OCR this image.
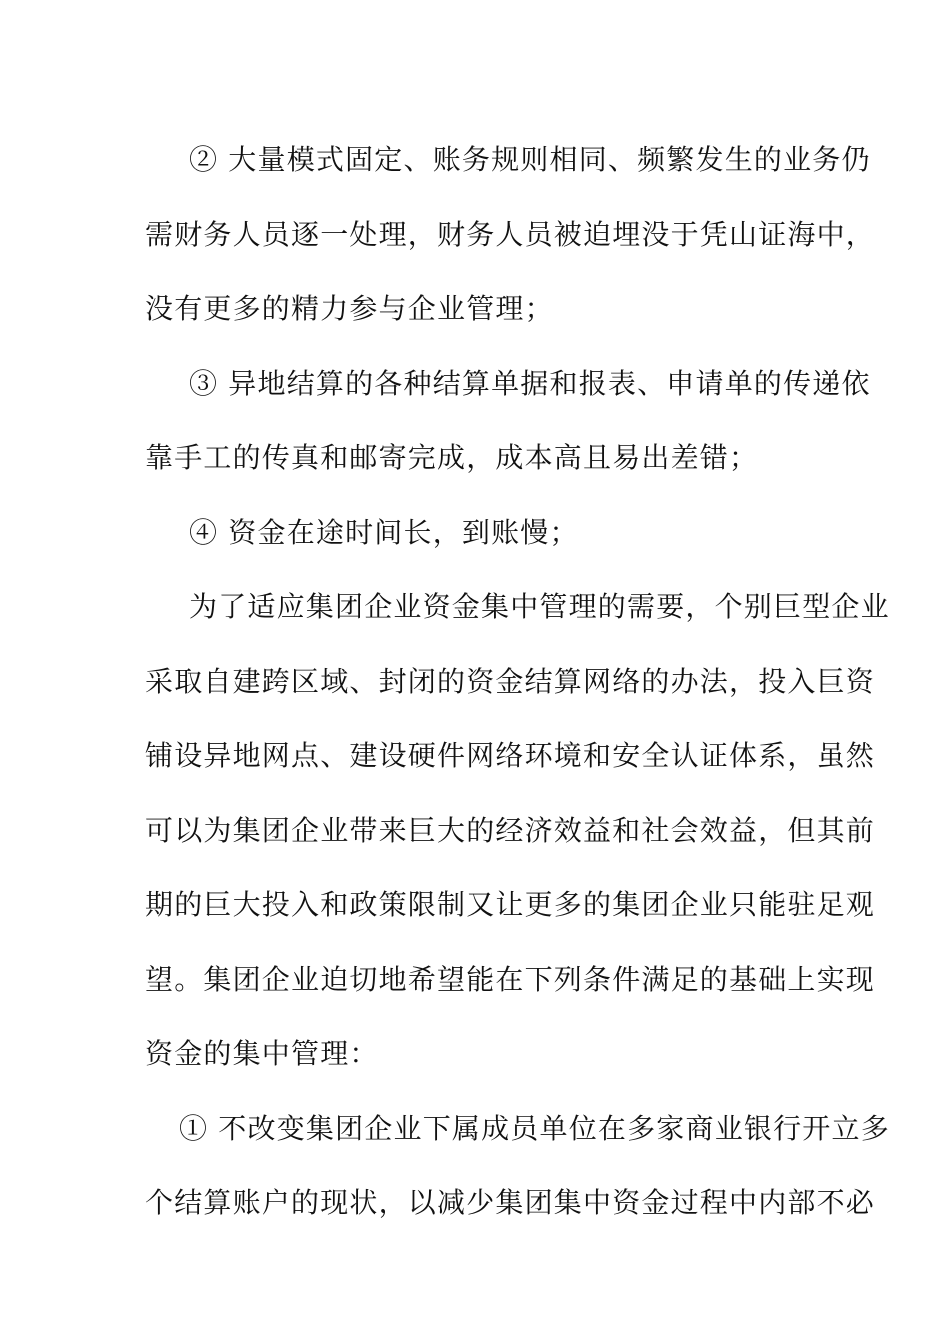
② 大量模式固定、账务规则相同、频繁发生的业务仍
需财务人员逐一处理，财务人员被迫埋没于凭山证海中，
没有更多的精力参与企业管理；
③ 异地结算的各种结算单据和报表、申请单的传递依
靠手工的传真和邮寄完成，成本高且易出差错；
④ 资金在途时间长，到账慢；
为了适应集团企业资金集中管理的需要，个别巨型企业
采取自建跨区域、封闭的资金结算网络的办法，投入巨资
铺设异地网点、建设硬件网络环境和安全认证体系，虽然
可以为集团企业带来巨大的经济效益和社会效益，但其前
期的巨大投入和政策限制又让更多的集团企业只能驻足观
望。集团企业迫切地希望能在下列条件满足的基础上实现
资金的集中管理：
① 不改变集团企业下属成员单位在多家商业银行开立多
个结算账户的现状，以减少集团集中资金过程中内部不必
